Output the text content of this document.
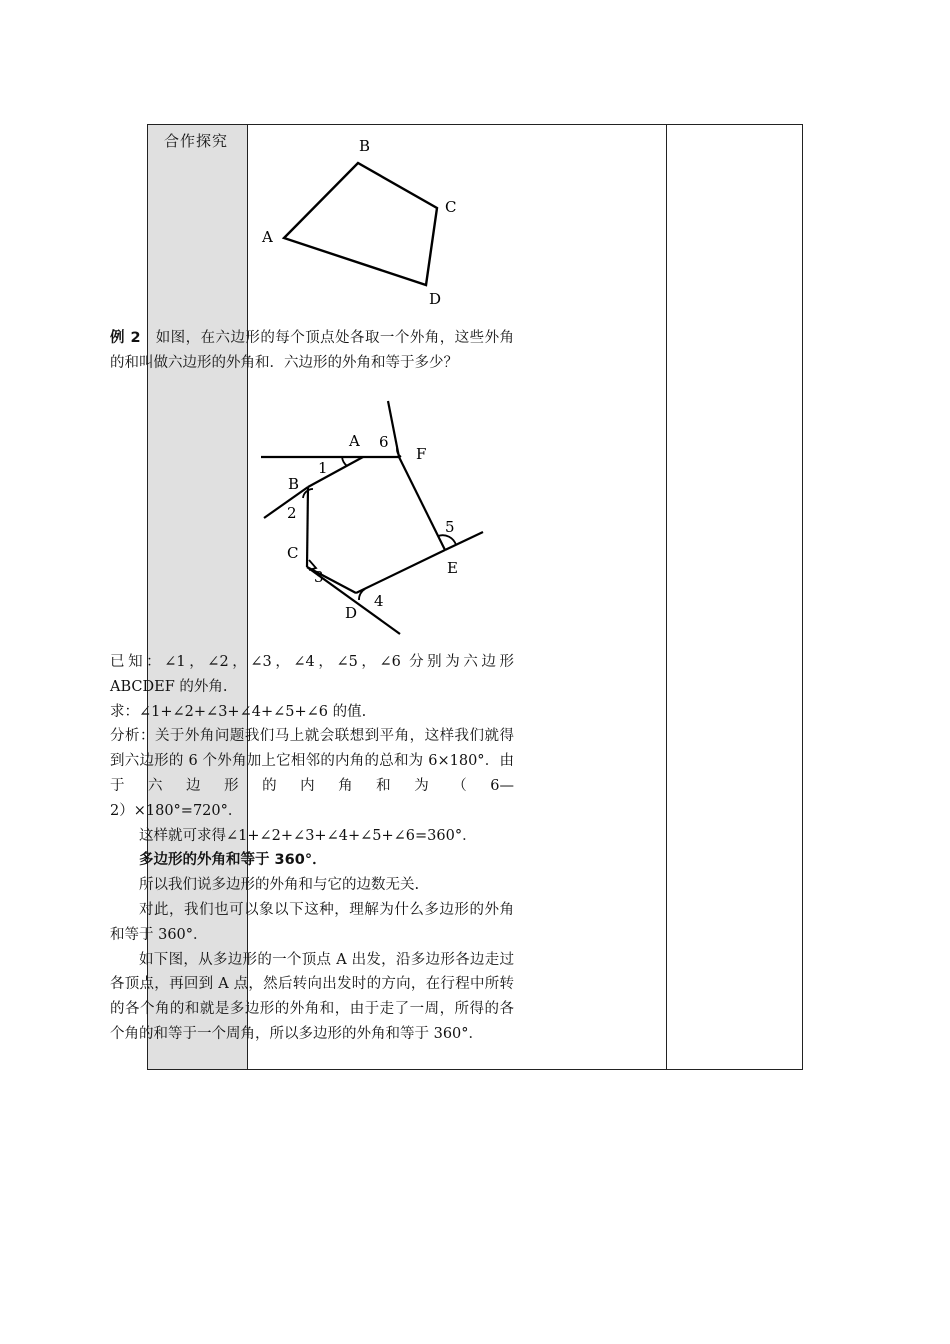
合作探究
A
B
C
D

例 2 如图，在六边形的每个顶点处各取一个外角，这些外角的和叫做六边形的外角和．六边形的外角和等于多少？

A
B
C
D
E
F
1
2
3
4
5
6

已知：∠1，∠2，∠3，∠4，∠5，∠6 分别为六边形

ABCDEF 的外角.

求：∠1+∠2+∠3+∠4+∠5+∠6 的值.

分析：关于外角问题我们马上就会联想到平角，这样我们就得到六边形的 6 个外角加上它相邻的内角的总和为 6×180°．由于六边形的内角和为（6—

2）×180°=720°．

这样就可求得∠1+∠2+∠3+∠4+∠5+∠6=360°．

多边形的外角和等于 360°．

所以我们说多边形的外角和与它的边数无关.

对此，我们也可以象以下这种，理解为什么多边形的外角和等于 360°．

如下图，从多边形的一个顶点 A 出发，沿多边形各边走过各顶点，再回到 A 点，然后转向出发时的方向，在行程中所转的各个角的和就是多边形的外角和，由于走了一周，所得的各个角的和等于一个周角，所以多边形的外角和等于 360°．
